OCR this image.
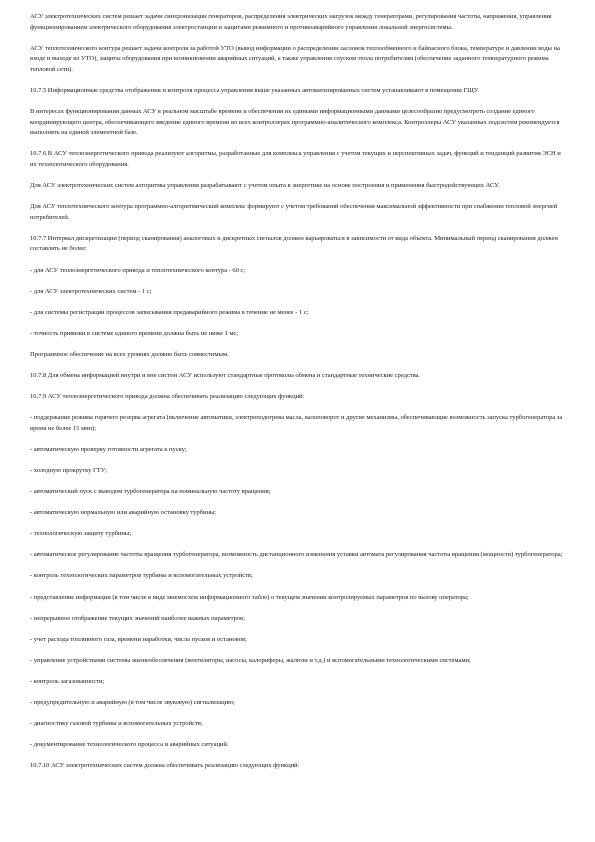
АСУ электротехнических систем решает задачи синхронизации генераторов, распределения электрических нагрузок между генераторами, регулирования частоты, напряжения, управления функционированием электрического оборудования электростанции и защитами режимного и противоаварийного управления локальной энергосистемы.

АСУ теплотехнического контура решает задачи контроля за работой УТО (вывод информации о распределении заслонок теплообменного и байпасного блока, температуре и давлении воды на входе и выходе из УТО), защиты оборудования при возникновении аварийных ситуаций, а также управления спуском тепла потребителям (обеспечение заданного температурного режима тепловой сети).

10.7.5 Информационные средства отображения и контроля процесса управления выше указанных автоматизированных систем устанавливают в помещении ГЩУ.

В интересах функционирования данных АСУ в реальном масштабе времени и обеспечения их едиными информационными данными целесообразно предусмотреть создание единого координирующего центра, обеспечивающего введение единого времени во всех контроллерах программно-аналитического комплекса. Контроллеры АСУ указанных подсистем рекомендуется выполнять на единой элементной базе.

10.7.6 В АСУ теплоэнергетического привода реализуют алгоритмы, разработанные для комплекса управления с учетом текущих и перспективных задач, функций и тенденций развития ЭСН и их технологического оборудования.

Для АСУ электротехнических систем алгоритмы управления разрабатывают с учетом опыта в энергетике на основе построения и применения быстродействующих АСУ.

Для АСУ теплотехнического контура программно-алгоритмический комплекс формируют с учетом требований обеспечения максимальной эффективности при снабжении тепловой энергией потребителей.

10.7.7 Интервал дискретизации (период сканирования) аналоговых и дискретных сигналов должен варьироваться в зависимости от вида объекта. Минимальный период сканирования должен составлять не более:

- для АСУ теплоэнергетического привода и теплотехнического контура - 60 с;

- для АСУ электротехнических систем - 1 с;

- для системы регистрации процессов записывания предаварийного режима в течение не менее - 1 с;

- точность привязки в системе единого времени должна быть не ниже 1 мс;

Программное обеспечение на всех уровнях должно быть совместимым.

10.7.8 Для обмена информацией внутри и вне систем АСУ используют стандартные протоколы обмена и стандартные технические средства.

10.7.9 АСУ теплоэнергетического привода должна обеспечивать реализацию следующих функций:

- поддержание режима горячего резерва агрегата (включение автоматики, электроподогрева масла, валоповорот и другие механизмы, обеспечивающие возможность запуска турбогенератора за время не более 15 мин);

- автоматическую проверку готовности агрегата к пуску;

- холодную прокрутку ГТУ;

- автоматический пуск с выводом турбогенератора на номинальную частоту вращения;

- автоматическую нормальную или аварийную остановку турбины;

- технологическую защиту турбины;

- автоматическое регулирование частоты вращения турбогенератора, возможность дистанционного изменения уставки автомата регулирования частоты вращения (мощности) турбогенератора;

- контроль технологических параметров турбины и вспомогательных устройств;

- представление информации (в том числе в виде мнемосхем информационного табло) о текущем значении контролируемых параметров по вызову оператора;

- непрерывное отображение текущих значений наиболее важных параметров;

- учет расхода топливного газа, времени наработки, числа пусков и остановов;

- управление устройствами системы жизнеобеспечения (вентиляторы, насосы, калориферы, жалюзи и т.д.) и вспомогательными технологическими системами;

- контроль загазованности;

- предупредительную и аварийную (в том числе звуковую) сигнализацию;

- диагностику газовой турбины и вспомогательных устройств;

- документирование технологического процесса и аварийных ситуаций.

10.7.10 АСУ электротехнических систем должна обеспечивать реализацию следующих функций:
